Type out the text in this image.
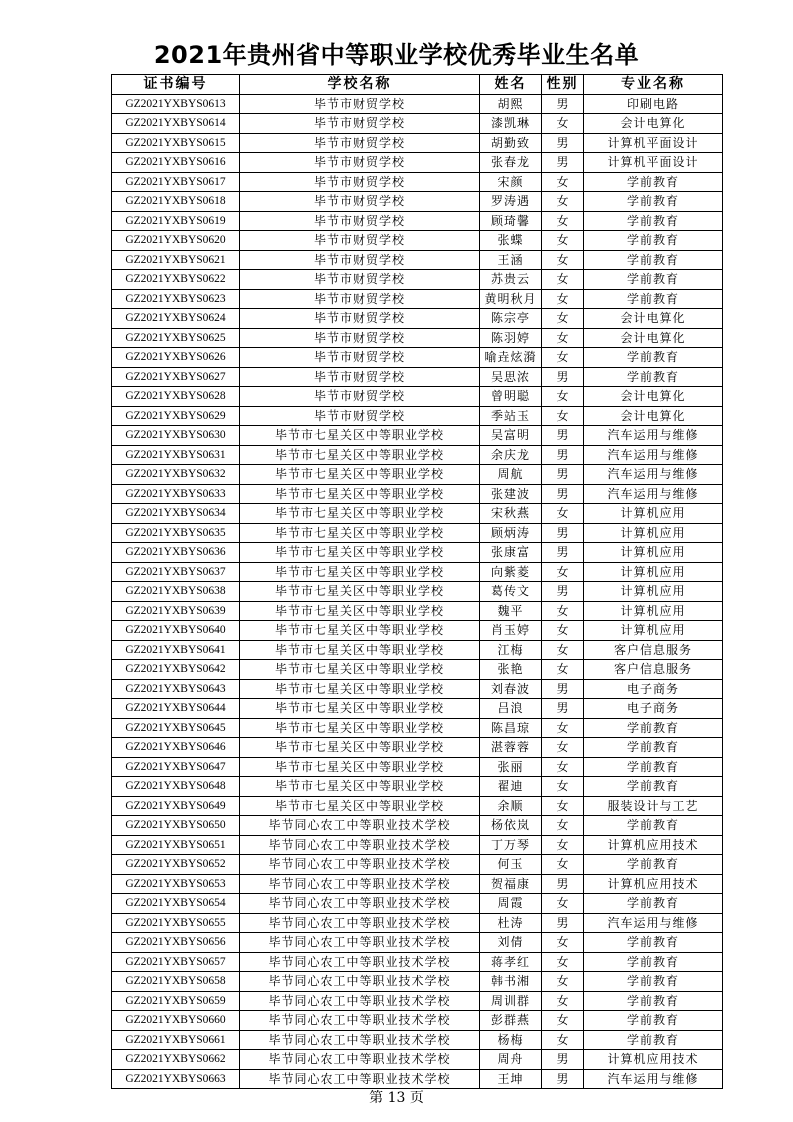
2021年贵州省中等职业学校优秀毕业生名单
证书编号	学校名称	姓名	性别	专业名称
GZ2021YXBYS0613	毕节市财贸学校	胡熙	男	印刷电路
GZ2021YXBYS0614	毕节市财贸学校	漆凯琳	女	会计电算化
GZ2021YXBYS0615	毕节市财贸学校	胡勤致	男	计算机平面设计
GZ2021YXBYS0616	毕节市财贸学校	张春龙	男	计算机平面设计
GZ2021YXBYS0617	毕节市财贸学校	宋颜	女	学前教育
GZ2021YXBYS0618	毕节市财贸学校	罗涛遇	女	学前教育
GZ2021YXBYS0619	毕节市财贸学校	顾琦馨	女	学前教育
GZ2021YXBYS0620	毕节市财贸学校	张蝶	女	学前教育
GZ2021YXBYS0621	毕节市财贸学校	王涵	女	学前教育
GZ2021YXBYS0622	毕节市财贸学校	苏贵云	女	学前教育
GZ2021YXBYS0623	毕节市财贸学校	黄明秋月	女	学前教育
GZ2021YXBYS0624	毕节市财贸学校	陈宗亭	女	会计电算化
GZ2021YXBYS0625	毕节市财贸学校	陈羽婷	女	会计电算化
GZ2021YXBYS0626	毕节市财贸学校	喻垚炫漪	女	学前教育
GZ2021YXBYS0627	毕节市财贸学校	吴思浓	男	学前教育
GZ2021YXBYS0628	毕节市财贸学校	曾明聪	女	会计电算化
GZ2021YXBYS0629	毕节市财贸学校	季站玉	女	会计电算化
GZ2021YXBYS0630	毕节市七星关区中等职业学校	吴富明	男	汽车运用与维修
GZ2021YXBYS0631	毕节市七星关区中等职业学校	余庆龙	男	汽车运用与维修
GZ2021YXBYS0632	毕节市七星关区中等职业学校	周航	男	汽车运用与维修
GZ2021YXBYS0633	毕节市七星关区中等职业学校	张建波	男	汽车运用与维修
GZ2021YXBYS0634	毕节市七星关区中等职业学校	宋秋燕	女	计算机应用
GZ2021YXBYS0635	毕节市七星关区中等职业学校	顾炳涛	男	计算机应用
GZ2021YXBYS0636	毕节市七星关区中等职业学校	张康富	男	计算机应用
GZ2021YXBYS0637	毕节市七星关区中等职业学校	向紫菱	女	计算机应用
GZ2021YXBYS0638	毕节市七星关区中等职业学校	葛传文	男	计算机应用
GZ2021YXBYS0639	毕节市七星关区中等职业学校	魏平	女	计算机应用
GZ2021YXBYS0640	毕节市七星关区中等职业学校	肖玉婷	女	计算机应用
GZ2021YXBYS0641	毕节市七星关区中等职业学校	江梅	女	客户信息服务
GZ2021YXBYS0642	毕节市七星关区中等职业学校	张艳	女	客户信息服务
GZ2021YXBYS0643	毕节市七星关区中等职业学校	刘春波	男	电子商务
GZ2021YXBYS0644	毕节市七星关区中等职业学校	吕浪	男	电子商务
GZ2021YXBYS0645	毕节市七星关区中等职业学校	陈昌琼	女	学前教育
GZ2021YXBYS0646	毕节市七星关区中等职业学校	湛蓉蓉	女	学前教育
GZ2021YXBYS0647	毕节市七星关区中等职业学校	张丽	女	学前教育
GZ2021YXBYS0648	毕节市七星关区中等职业学校	翟迪	女	学前教育
GZ2021YXBYS0649	毕节市七星关区中等职业学校	余顺	女	服装设计与工艺
GZ2021YXBYS0650	毕节同心农工中等职业技术学校	杨依岚	女	学前教育
GZ2021YXBYS0651	毕节同心农工中等职业技术学校	丁万琴	女	计算机应用技术
GZ2021YXBYS0652	毕节同心农工中等职业技术学校	何玉	女	学前教育
GZ2021YXBYS0653	毕节同心农工中等职业技术学校	贺福康	男	计算机应用技术
GZ2021YXBYS0654	毕节同心农工中等职业技术学校	周霞	女	学前教育
GZ2021YXBYS0655	毕节同心农工中等职业技术学校	杜涛	男	汽车运用与维修
GZ2021YXBYS0656	毕节同心农工中等职业技术学校	刘倩	女	学前教育
GZ2021YXBYS0657	毕节同心农工中等职业技术学校	蒋孝红	女	学前教育
GZ2021YXBYS0658	毕节同心农工中等职业技术学校	韩书湘	女	学前教育
GZ2021YXBYS0659	毕节同心农工中等职业技术学校	周训群	女	学前教育
GZ2021YXBYS0660	毕节同心农工中等职业技术学校	彭群燕	女	学前教育
GZ2021YXBYS0661	毕节同心农工中等职业技术学校	杨梅	女	学前教育
GZ2021YXBYS0662	毕节同心农工中等职业技术学校	周舟	男	计算机应用技术
GZ2021YXBYS0663	毕节同心农工中等职业技术学校	王坤	男	汽车运用与维修
第 13 页
